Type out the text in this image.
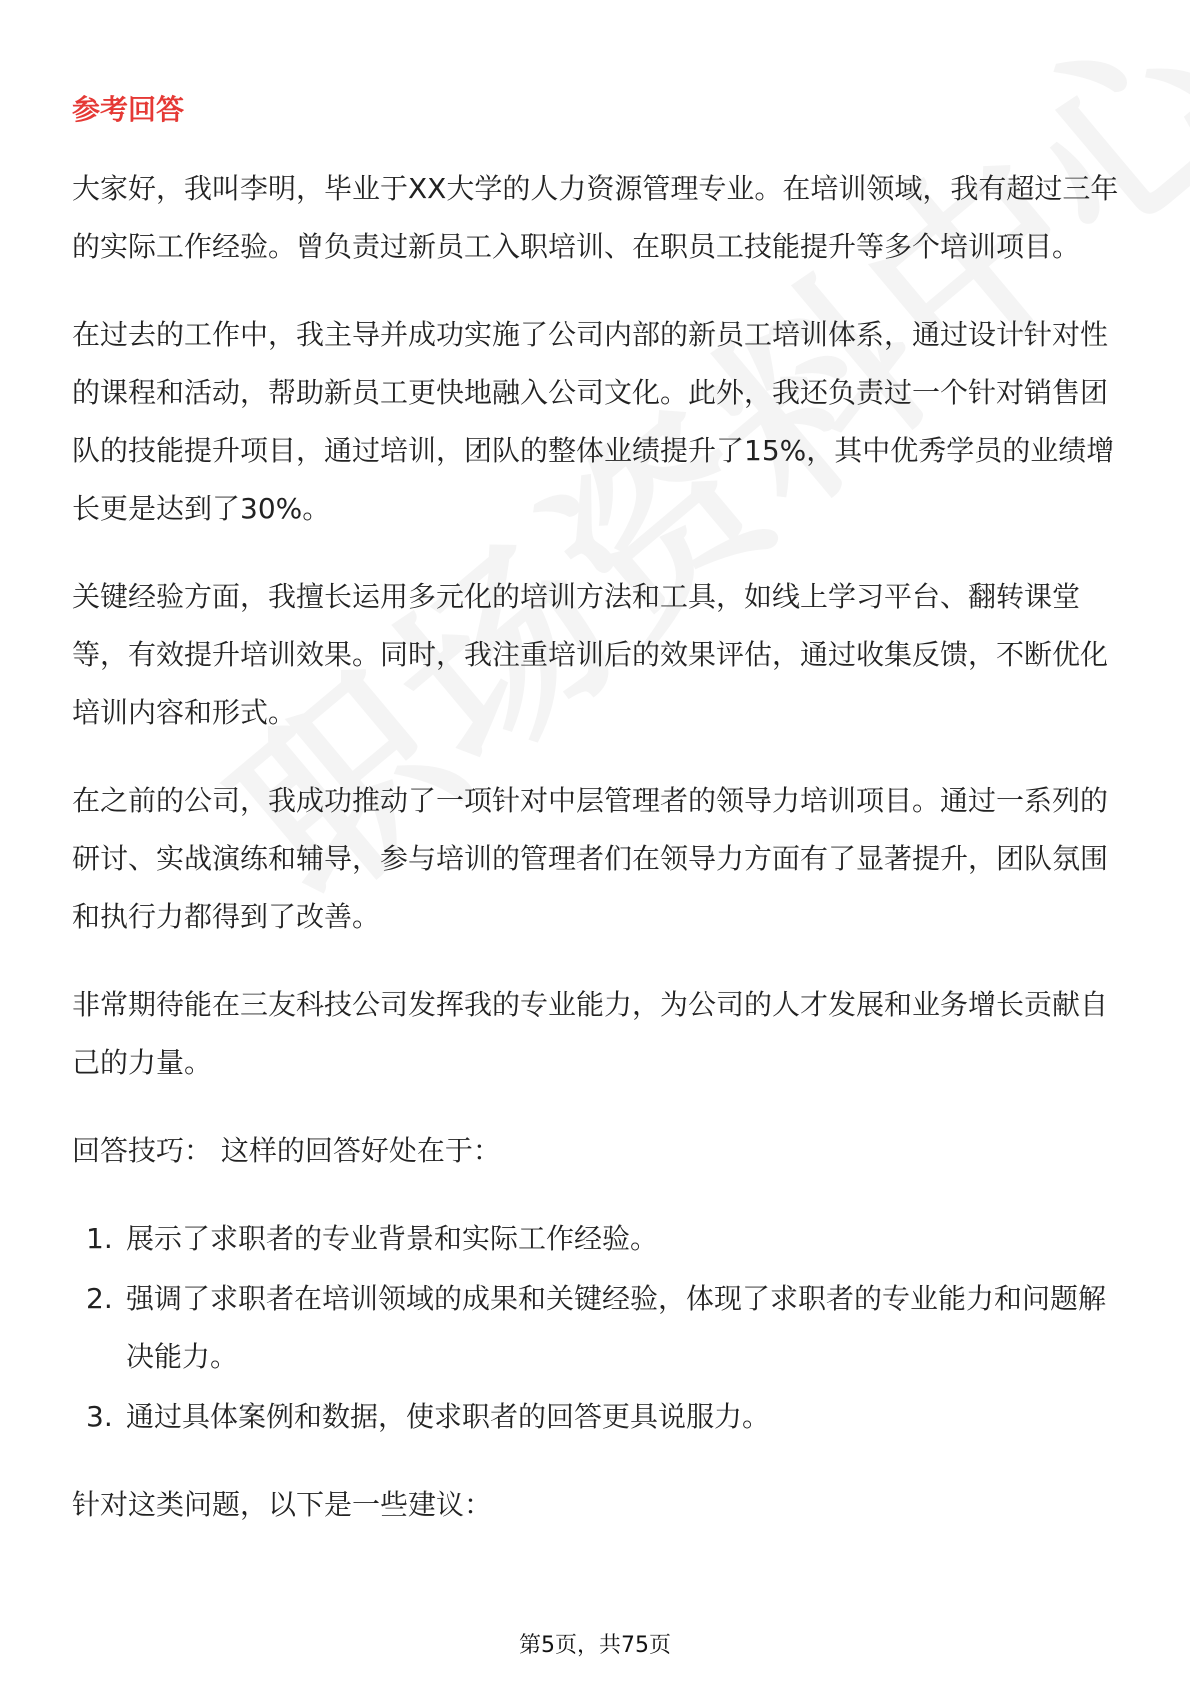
参考回答

大家好，我叫李明，毕业于XX大学的人力资源管理专业。在培训领域，我有超过三年的实际工作经验。曾负责过新员工入职培训、在职员工技能提升等多个培训项目。

在过去的工作中，我主导并成功实施了公司内部的新员工培训体系，通过设计针对性的课程和活动，帮助新员工更快地融入公司文化。此外，我还负责过一个针对销售团队的技能提升项目，通过培训，团队的整体业绩提升了15%，其中优秀学员的业绩增长更是达到了30%。

关键经验方面，我擅长运用多元化的培训方法和工具，如线上学习平台、翻转课堂等，有效提升培训效果。同时，我注重培训后的效果评估，通过收集反馈，不断优化培训内容和形式。

在之前的公司，我成功推动了一项针对中层管理者的领导力培训项目。通过一系列的研讨、实战演练和辅导，参与培训的管理者们在领导力方面有了显著提升，团队氛围和执行力都得到了改善。

非常期待能在三友科技公司发挥我的专业能力，为公司的人才发展和业务增长贡献自己的力量。

回答技巧： 这样的回答好处在于：

1. 展示了求职者的专业背景和实际工作经验。
2. 强调了求职者在培训领域的成果和关键经验，体现了求职者的专业能力和问题解决能力。
3. 通过具体案例和数据，使求职者的回答更具说服力。

针对这类问题，以下是一些建议：

第5页，共75页
